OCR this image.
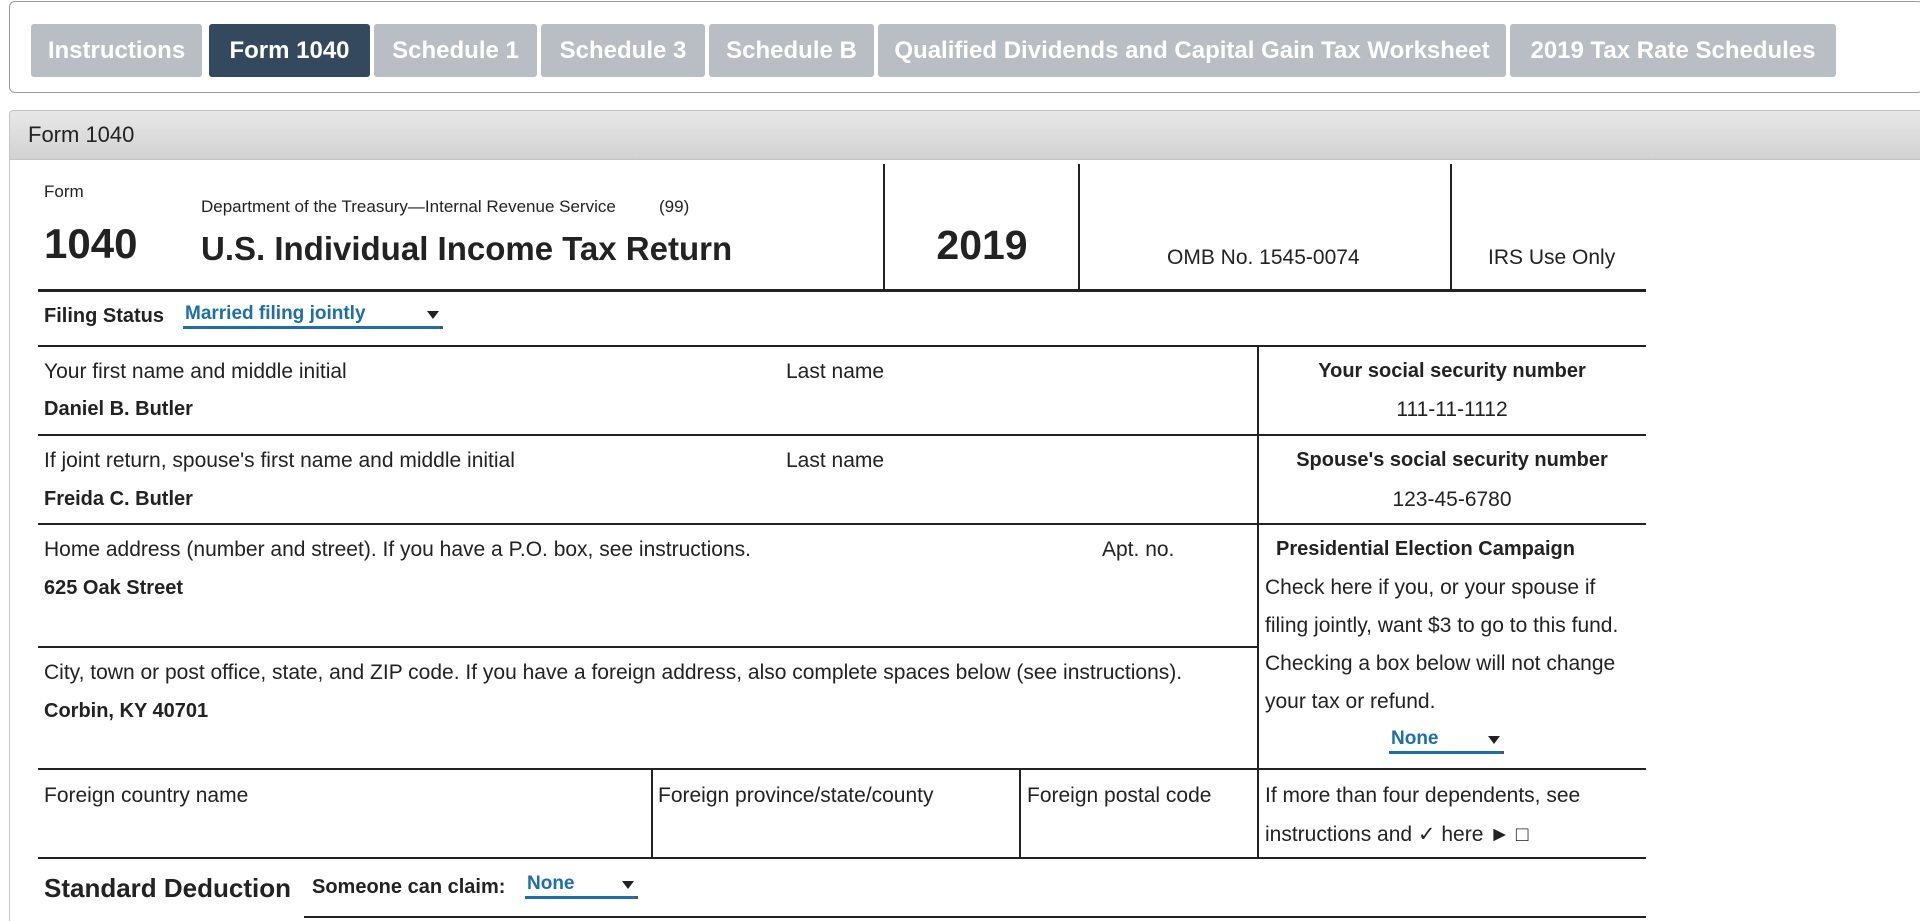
Instructions	Form 1040	Schedule 1	Schedule 3	Schedule B	Qualified Dividends and Capital Gain Tax Worksheet	2019 Tax Rate Schedules
Form 1040
Form
1040
Department of the Treasury—Internal Revenue Service	(99)
U.S. Individual Income Tax Return	2019	OMB No. 1545-0074	IRS Use Only
Filing Status Married filing jointly
Your first name and middle initial	Last name
Daniel B. Butler
Your social security number
111-11-1112
If joint return, spouse's first name and middle initial	Last name
Freida C. Butler
Spouse's social security number
123-45-6780
Home address (number and street). If you have a P.O. box, see instructions.	Apt. no.
625 Oak Street
City, town or post office, state, and ZIP code. If you have a foreign address, also complete spaces below (see instructions).
Corbin, KY 40701
Presidential Election Campaign
Check here if you, or your spouse if
filing jointly, want $3 to go to this fund.
Checking a box below will not change
your tax or refund.
None
Foreign country name	Foreign province/state/county	Foreign postal code	If more than four dependents, see
instructions and ✓ here ► □
Standard Deduction Someone can claim: None
